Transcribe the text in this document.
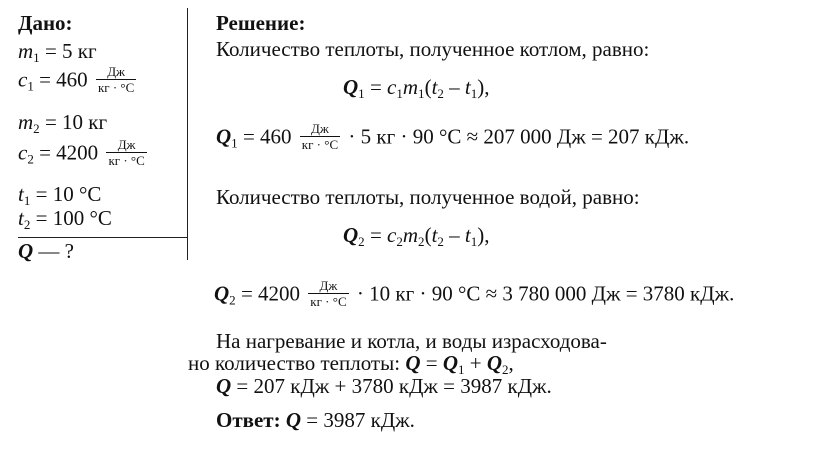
Дано:
$m_1 = 5$ кг
$c_1 = 460 \frac{Дж}{кг \cdot ^\circ С}$
$m_2 = 10$ кг
$c_2 = 4200 \frac{Дж}{кг \cdot ^\circ С}$
$t_1 = 10$ °С
$t_2 = 100$ °С
Q — ?
Решение:
Количество теплоты, полученное котлом, равно:
$Q_1 = c_1m_1(t_2 - t_1)$,
$Q_1 = 460 \frac{Дж}{кг \cdot ^\circ С} \cdot 5$ кг · 90 °С ≈ 207 000 Дж = 207 кДж.
Количество теплоты, полученное водой, равно:
$Q_2 = c_2m_2(t_2 - t_1)$,
$Q_2 = 4200 \frac{Дж}{кг \cdot ^\circ С} \cdot 10$ кг · 90 °С ≈ 3 780 000 Дж = 3780 кДж.
На нагревание и котла, и воды израсходова-
но количество теплоты: $Q = Q_1 + Q_2$,
Q = 207 кДж + 3780 кДж = 3987 кДж.
Ответ: Q = 3987 кДж.
